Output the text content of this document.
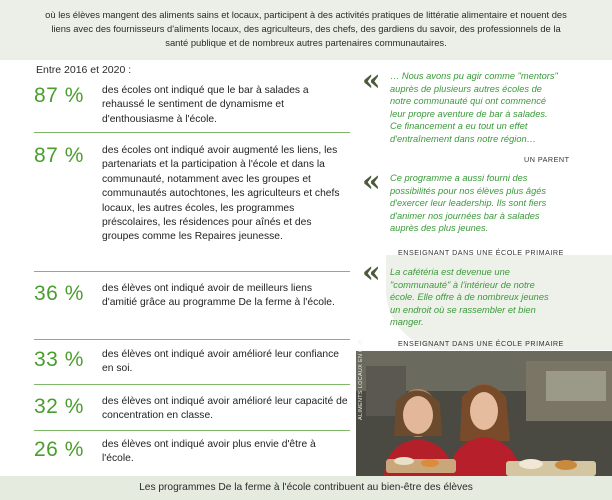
où les élèves mangent des aliments sains et locaux, participent à des activités pratiques de littératie alimentaire et nouent des liens avec des fournisseurs d'aliments locaux, des agriculteurs, des chefs, des gardiens du savoir, des professionnels de la santé publique et de nombreux autres partenaires communautaires.

Entre 2016 et 2020 :
87 %	des écoles ont indiqué que le bar à salades a rehaussé le sentiment de dynamisme et d'enthousiasme à l'école.
87 %	des écoles ont indiqué avoir augmenté les liens, les partenariats et la participation à l'école et dans la communauté, notamment avec les groupes et communautés autochtones, les agriculteurs et chefs locaux, les autres écoles, les programmes préscolaires, les résidences pour aînés et des groupes comme les Repaires jeunesse.
36 %	des élèves ont indiqué avoir de meilleurs liens d'amitié grâce au programme De la ferme à l'école.
33 %	des élèves ont indiqué avoir amélioré leur confiance en soi.
32 %	des élèves ont indiqué avoir amélioré leur capacité de concentration en classe.
26 %	des élèves ont indiqué avoir plus envie d'être à l'école.
« … Nous avons pu agir comme "mentors" auprès de plusieurs autres écoles de notre communauté qui ont commencé leur propre aventure de bar à salades. Ce financement a eu tout un effet d'entraînement dans notre région…
UN PARENT
« Ce programme a aussi fourni des possibilités pour nos élèves plus âgés d'exercer leur leadership. Ils sont fiers d'animer nos journées bar à salades auprès des plus jeunes.
ENSEIGNANT DANS UNE ÉCOLE PRIMAIRE
« La cafétéria est devenue une "communauté" à l'intérieur de notre école. Elle offre à de nombreux jeunes un endroit où se rassembler et bien manger.
ENSEIGNANT DANS UNE ÉCOLE PRIMAIRE
ALIMENTS LOCAUX EN C.-B.

Les programmes De la ferme à l'école contribuent au bien-être des élèves
